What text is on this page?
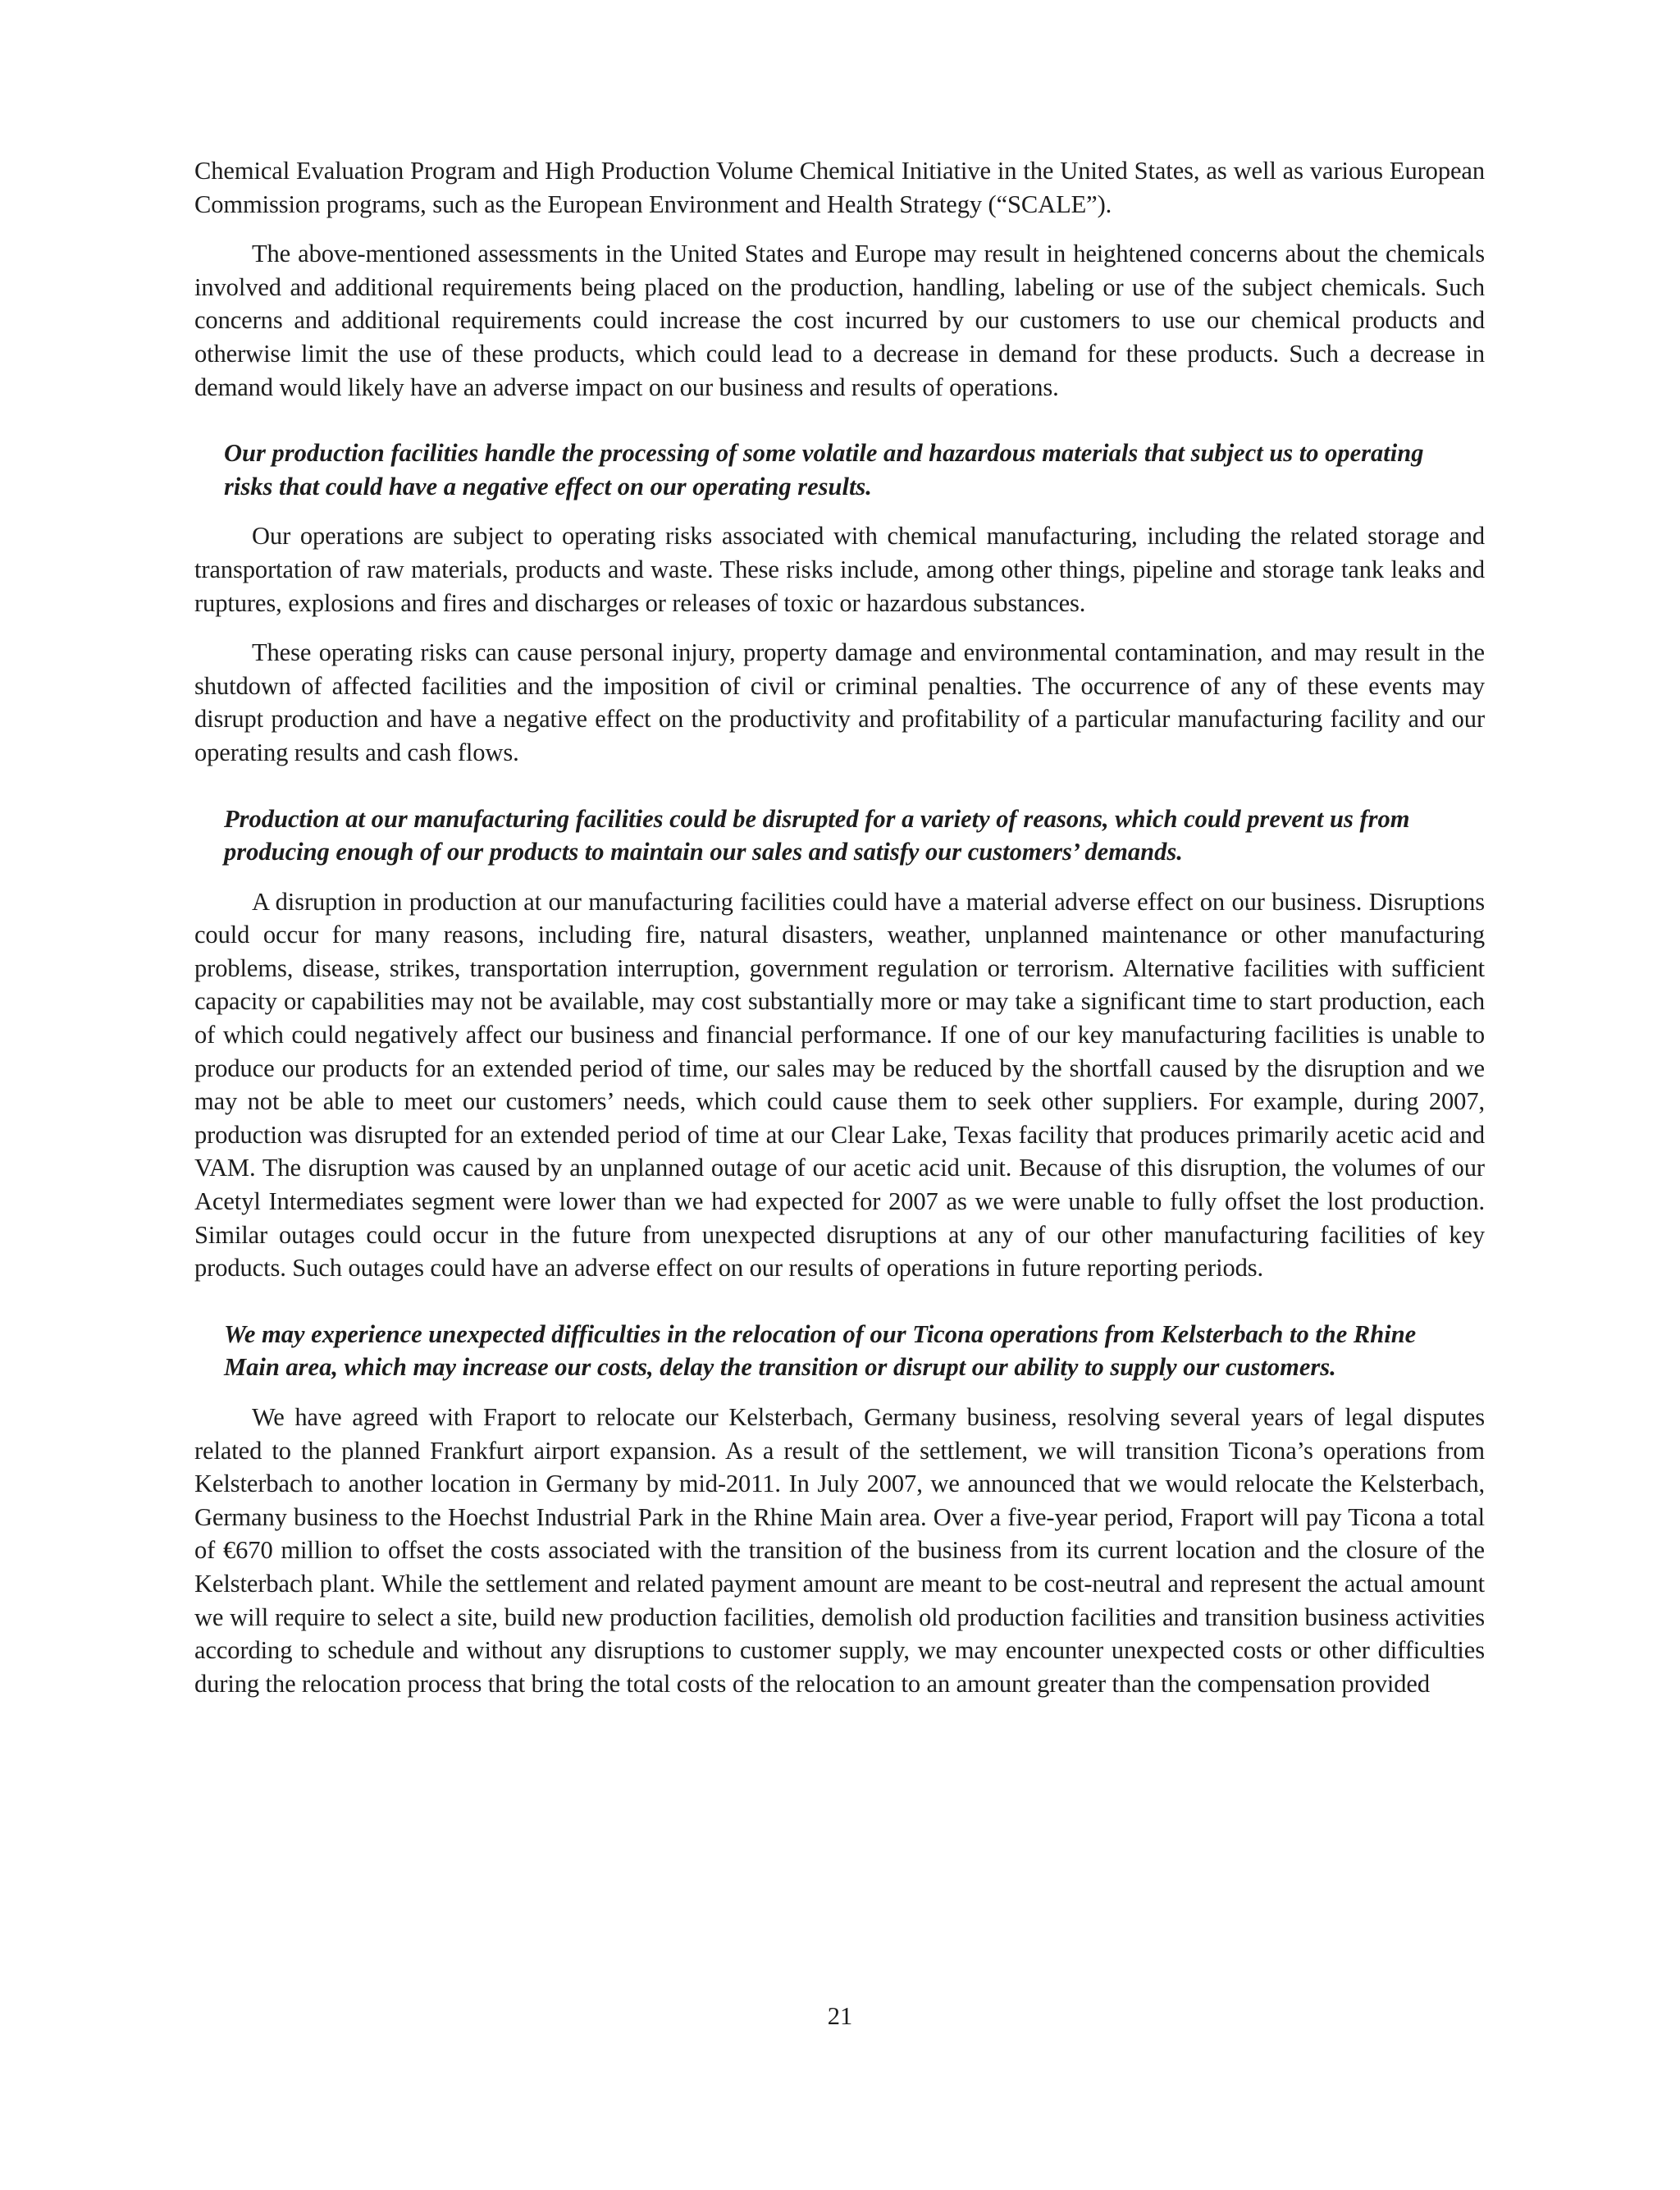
Chemical Evaluation Program and High Production Volume Chemical Initiative in the United States, as well as various European Commission programs, such as the European Environment and Health Strategy (“SCALE”).

The above-mentioned assessments in the United States and Europe may result in heightened concerns about the chemicals involved and additional requirements being placed on the production, handling, labeling or use of the subject chemicals. Such concerns and additional requirements could increase the cost incurred by our customers to use our chemical products and otherwise limit the use of these products, which could lead to a decrease in demand for these products. Such a decrease in demand would likely have an adverse impact on our business and results of operations.

Our production facilities handle the processing of some volatile and hazardous materials that subject us to operating risks that could have a negative effect on our operating results.

Our operations are subject to operating risks associated with chemical manufacturing, including the related storage and transportation of raw materials, products and waste. These risks include, among other things, pipeline and storage tank leaks and ruptures, explosions and fires and discharges or releases of toxic or hazardous substances.

These operating risks can cause personal injury, property damage and environmental contamination, and may result in the shutdown of affected facilities and the imposition of civil or criminal penalties. The occurrence of any of these events may disrupt production and have a negative effect on the productivity and profitability of a particular manufacturing facility and our operating results and cash flows.

Production at our manufacturing facilities could be disrupted for a variety of reasons, which could prevent us from producing enough of our products to maintain our sales and satisfy our customers’ demands.

A disruption in production at our manufacturing facilities could have a material adverse effect on our business. Disruptions could occur for many reasons, including fire, natural disasters, weather, unplanned maintenance or other manufacturing problems, disease, strikes, transportation interruption, government regulation or terrorism. Alternative facilities with sufficient capacity or capabilities may not be available, may cost substantially more or may take a significant time to start production, each of which could negatively affect our business and financial performance. If one of our key manufacturing facilities is unable to produce our products for an extended period of time, our sales may be reduced by the shortfall caused by the disruption and we may not be able to meet our customers’ needs, which could cause them to seek other suppliers. For example, during 2007, production was disrupted for an extended period of time at our Clear Lake, Texas facility that produces primarily acetic acid and VAM. The disruption was caused by an unplanned outage of our acetic acid unit. Because of this disruption, the volumes of our Acetyl Intermediates segment were lower than we had expected for 2007 as we were unable to fully offset the lost production. Similar outages could occur in the future from unexpected disruptions at any of our other manufacturing facilities of key products. Such outages could have an adverse effect on our results of operations in future reporting periods.

We may experience unexpected difficulties in the relocation of our Ticona operations from Kelsterbach to the Rhine Main area, which may increase our costs, delay the transition or disrupt our ability to supply our customers.

We have agreed with Fraport to relocate our Kelsterbach, Germany business, resolving several years of legal disputes related to the planned Frankfurt airport expansion. As a result of the settlement, we will transition Ticona’s operations from Kelsterbach to another location in Germany by mid-2011. In July 2007, we announced that we would relocate the Kelsterbach, Germany business to the Hoechst Industrial Park in the Rhine Main area. Over a five-year period, Fraport will pay Ticona a total of €670 million to offset the costs associated with the transition of the business from its current location and the closure of the Kelsterbach plant. While the settlement and related payment amount are meant to be cost-neutral and represent the actual amount we will require to select a site, build new production facilities, demolish old production facilities and transition business activities according to schedule and without any disruptions to customer supply, we may encounter unexpected costs or other difficulties during the relocation process that bring the total costs of the relocation to an amount greater than the compensation provided

21
